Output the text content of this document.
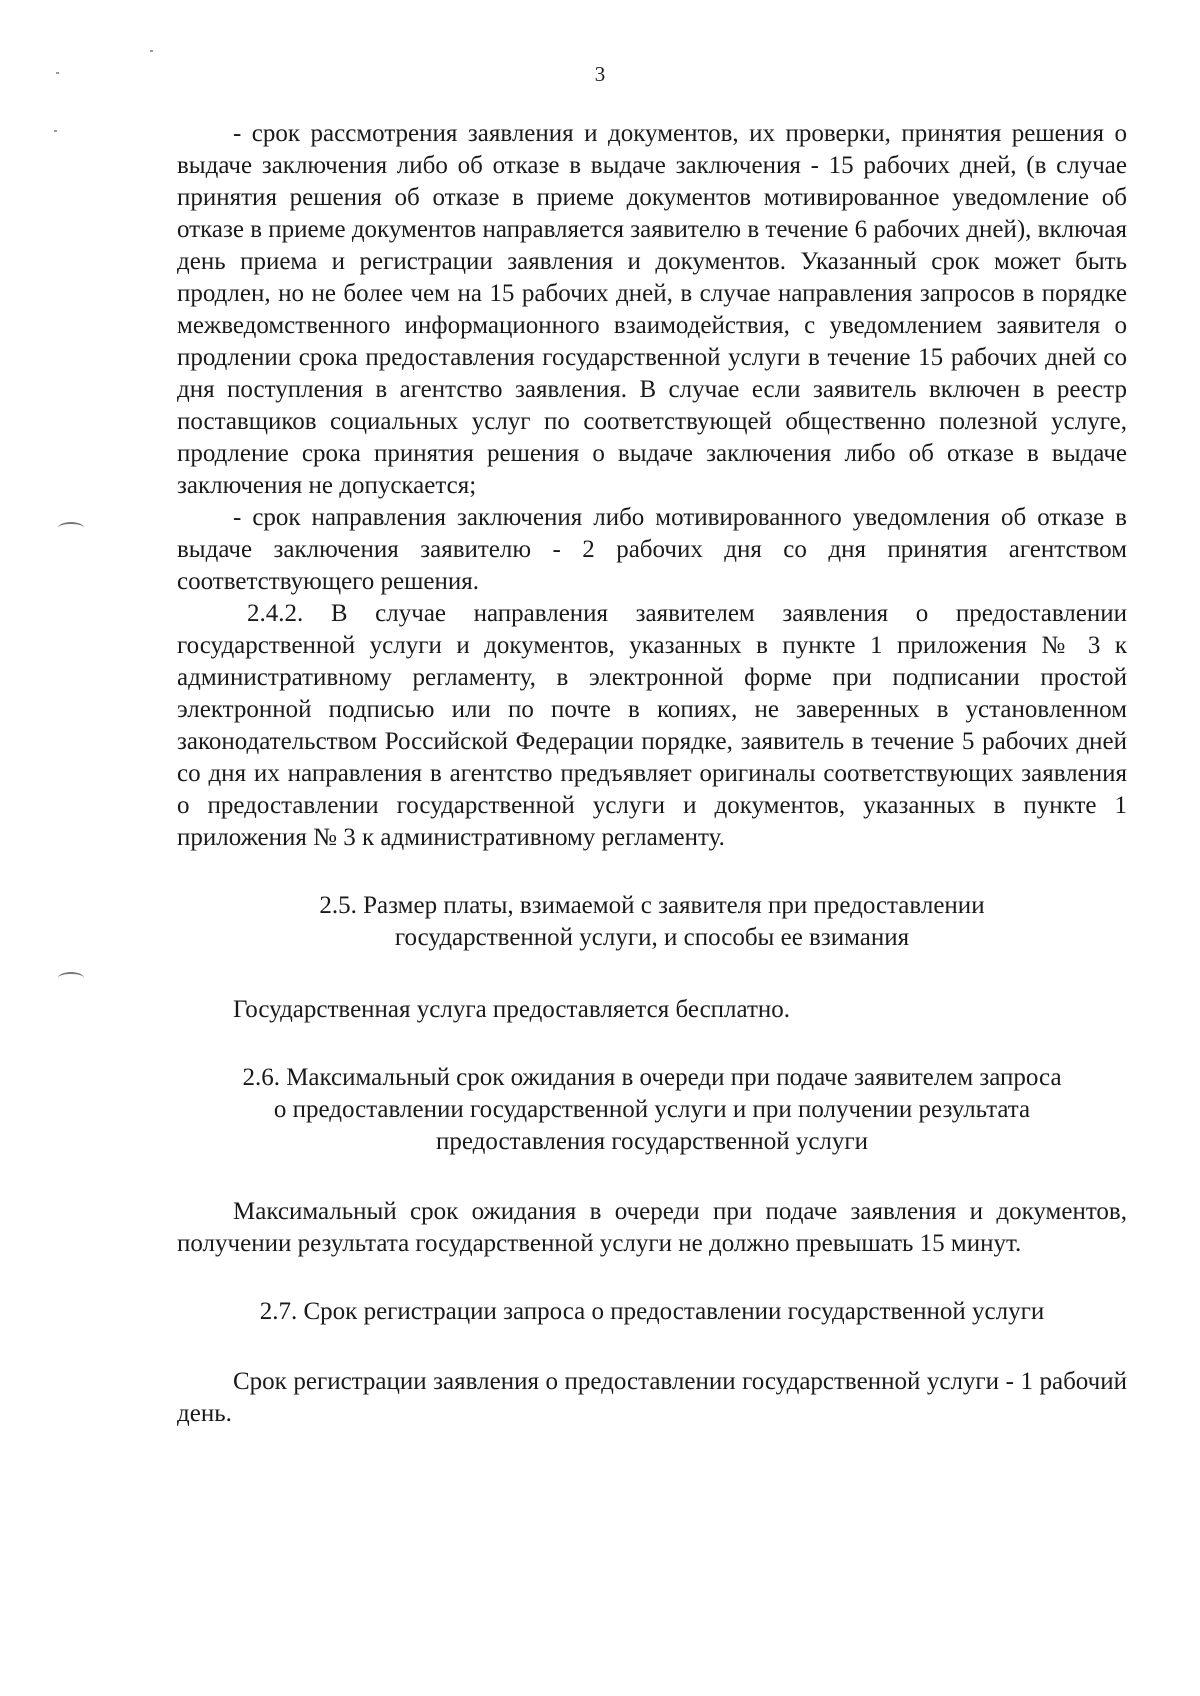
3

- срок рассмотрения заявления и документов, их проверки, принятия решения о выдаче заключения либо об отказе в выдаче заключения - 15 рабочих дней, (в случае принятия решения об отказе в приеме документов мотивированное уведомление об отказе в приеме документов направляется заявителю в течение 6 рабочих дней), включая день приема и регистрации заявления и документов. Указанный срок может быть продлен, но не более чем на 15 рабочих дней, в случае направления запросов в порядке межведомственного информационного взаимодействия, с уведомлением заявителя о продлении срока предоставления государственной услуги в течение 15 рабочих дней со дня поступления в агентство заявления. В случае если заявитель включен в реестр поставщиков социальных услуг по соответствующей общественно полезной услуге, продление срока принятия решения о выдаче заключения либо об отказе в выдаче заключения не допускается;

- срок направления заключения либо мотивированного уведомления об отказе в выдаче заключения заявителю - 2 рабочих дня со дня принятия агентством соответствующего решения.

2.4.2. В случае направления заявителем заявления о предоставлении государственной услуги и документов, указанных в пункте 1 приложения № 3 к административному регламенту, в электронной форме при подписании простой электронной подписью или по почте в копиях, не заверенных в установленном законодательством Российской Федерации порядке, заявитель в течение 5 рабочих дней со дня их направления в агентство предъявляет оригиналы соответствующих заявления о предоставлении государственной услуги и документов, указанных в пункте 1 приложения № 3 к административному регламенту.

2.5. Размер платы, взимаемой с заявителя при предоставлении
государственной услуги, и способы ее взимания

Государственная услуга предоставляется бесплатно.

2.6. Максимальный срок ожидания в очереди при подаче заявителем запроса
о предоставлении государственной услуги и при получении результата
предоставления государственной услуги

Максимальный срок ожидания в очереди при подаче заявления и документов, получении результата государственной услуги не должно превышать 15 минут.

2.7. Срок регистрации запроса о предоставлении государственной услуги

Срок регистрации заявления о предоставлении государственной услуги - 1 рабочий день.
